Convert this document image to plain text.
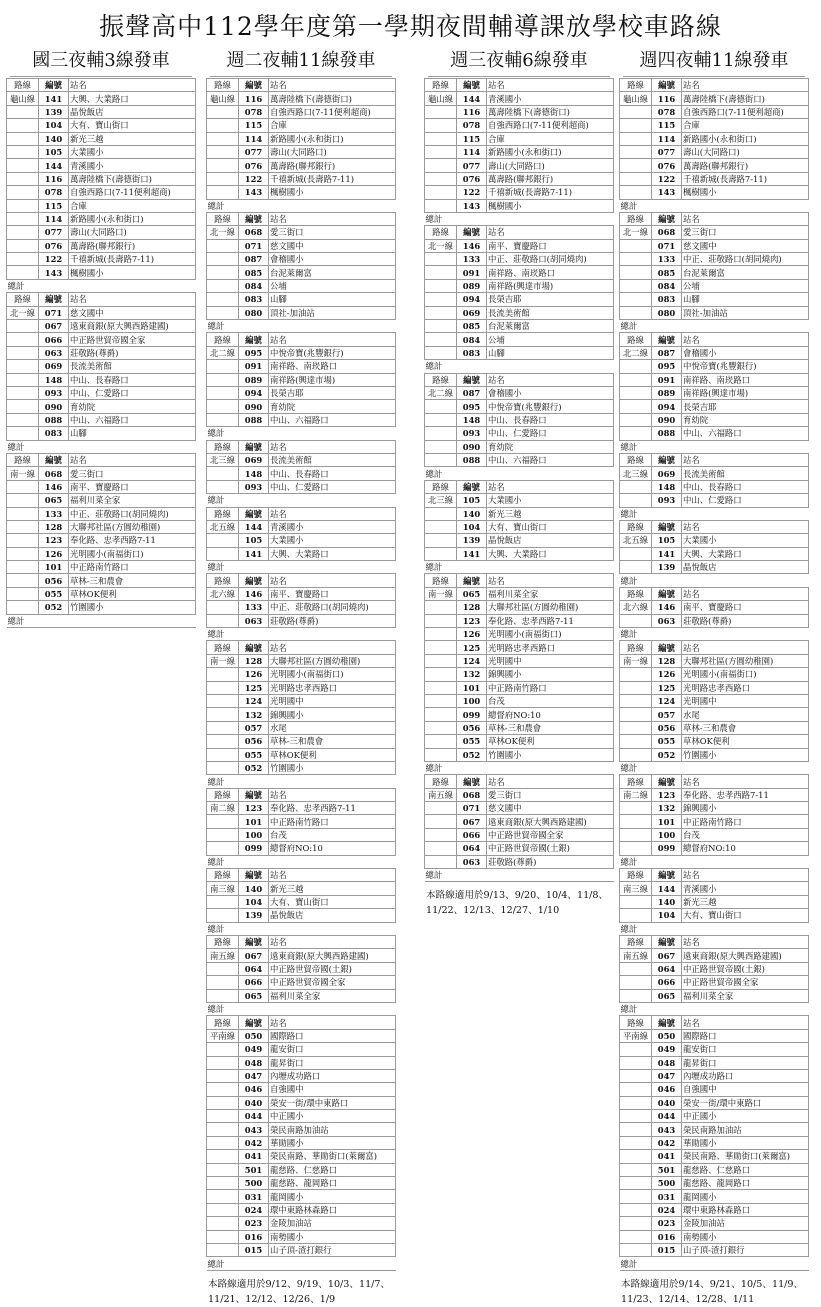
振聲高中112學年度第一學期夜間輔導課放學校車路線
國三夜輔3線發車
路線	編號	站名
龜山線	141	大興、大業路口
	139	晶悅飯店
	104	大有、寶山街口
	140	新光三越
	105	大業國小
	144	青溪國小
	116	萬壽陸橋下(壽德街口)
	078	自強西路口(7-11便利超商)
	115	合庫
	114	新路國小(永和街口)
	077	壽山(大同路口)
	076	萬壽路(聯邦銀行)
	122	千禧新城(長壽路7-11)
	143	楓樹國小
總計		
路線	編號	站名
北一線	071	慈文國中
	067	遠東商銀(原大興西路建國)
	066	中正路世貿帝國全家
	063	莊敬路(尊爵)
	069	長流美術館
	148	中山、長春路口
	093	中山、仁愛路口
	090	育幼院
	088	中山、六福路口
	083	山腳
總計		
路線	編號	站名
南一線	068	愛三街口
	146	南平、寶慶路口
	065	福利川菜全家
	133	中正、莊敬路口(胡同燒肉)
	128	大聯邦社區(方圓幼稚園)
	123	奉化路、忠孝西路7-11
	126	光明國小(南福街口)
	101	中正路南竹路口
	056	草林-三和農會
	055	草林OK便利
	052	竹圍國小
總計		
週二夜輔11線發車
路線	編號	站名
龜山線	116	萬壽陸橋下(壽德街口)
	078	自強西路口(7-11便利超商)
	115	合庫
	114	新路國小(永和街口)
	077	壽山(大同路口)
	076	萬壽路(聯邦銀行)
	122	千禧新城(長壽路7-11)
	143	楓樹國小
總計		
路線	編號	站名
北一線	068	愛三街口
	071	慈文國中
	087	會稽國小
	085	台泥萊爾富
	084	公埔
	083	山腳
	080	頂社-加油站
總計		
路線	編號	站名
北二線	095	中悅帝寶(兆豐銀行)
	091	南祥路、南崁路口
	089	南祥路(興達市場)
	094	長榮吉耶
	090	育幼院
	088	中山、六福路口
總計		
路線	編號	站名
北三線	069	長流美術館
	148	中山、長春路口
	093	中山、仁愛路口
總計		
路線	編號	站名
北五線	144	青溪國小
	105	大業國小
	141	大興、大業路口
總計		
路線	編號	站名
北六線	146	南平、寶慶路口
	133	中正、莊敬路口(胡同燒肉)
	063	莊敬路(尊爵)
總計		
路線	編號	站名
南一線	128	大聯邦社區(方圓幼稚園)
	126	光明國小(南福街口)
	125	光明路忠孝西路口
	124	光明國中
	132	錦興國小
	057	水尾
	056	草林-三和農會
	055	草林OK便利
	052	竹圍國小
總計		
路線	編號	站名
南二線	123	奉化路、忠孝西路7-11
	101	中正路南竹路口
	100	台茂
	099	總督府NO:10
總計		
路線	編號	站名
南三線	140	新光三越
	104	大有、寶山街口
	139	晶悅飯店
總計		
路線	編號	站名
南五線	067	遠東商銀(原大興西路建國)
	064	中正路世貿帝國(土銀)
	066	中正路世貿帝國全家
	065	福利川菜全家
總計		
路線	編號	站名
平南線	050	國際路口
	049	龍安街口
	048	龍昇街口
	047	內壢成功路口
	046	自強國中
	040	榮安一街/環中東路口
	044	中正國小
	043	榮民南路加油站
	042	華勛國小
	041	榮民南路、華勛街口(萊爾富)
	501	龍慈路、仁慈路口
	500	龍慈路、龍岡路口
	031	龍岡國小
	024	環中東路林森路口
	023	金陵加油站
	016	南勢國小
	015	山子頂-渣打銀行
總計		
本路線適用於9/12、9/19、10/3、11/7、11/21、12/12、12/26、1/9
週三夜輔6線發車
路線	編號	站名
龜山線	144	青溪國小
	116	萬壽陸橋下(壽德街口)
	078	自強西路口(7-11便利超商)
	115	合庫
	114	新路國小(永和街口)
	077	壽山(大同路口)
	076	萬壽路(聯邦銀行)
	122	千禧新城(長壽路7-11)
	143	楓樹國小
總計		
路線	編號	站名
北一線	146	南平、寶慶路口
	133	中正、莊敬路口(胡同燒肉)
	091	南祥路、南崁路口
	089	南祥路(興達市場)
	094	長榮吉耶
	069	長流美術館
	085	台泥萊爾富
	084	公埔
	083	山腳
總計		
路線	編號	站名
北二線	087	會稽國小
	095	中悅帝寶(兆豐銀行)
	148	中山、長春路口
	093	中山、仁愛路口
	090	育幼院
	088	中山、六福路口
總計		
路線	編號	站名
北三線	105	大業國小
	140	新光三越
	104	大有、寶山街口
	139	晶悅飯店
	141	大興、大業路口
總計		
路線	編號	站名
南一線	065	福利川菜全家
	128	大聯邦社區(方圓幼稚園)
	123	奉化路、忠孝西路7-11
	126	光明國小(南福街口)
	125	光明路忠孝西路口
	124	光明國中
	132	錦興國小
	101	中正路南竹路口
	100	台茂
	099	總督府NO:10
	056	草林-三和農會
	055	草林OK便利
	052	竹圍國小
總計		
路線	編號	站名
南五線	068	愛三街口
	071	慈文國中
	067	遠東商銀(原大興西路建國)
	066	中正路世貿帝國全家
	064	中正路世貿帝國(土銀)
	063	莊敬路(尊爵)
總計		
本路線適用於9/13、9/20、10/4、11/8、11/22、12/13、12/27、1/10
週四夜輔11線發車
路線	編號	站名
龜山線	116	萬壽陸橋下(壽德街口)
	078	自強西路口(7-11便利超商)
	115	合庫
	114	新路國小(永和街口)
	077	壽山(大同路口)
	076	萬壽路(聯邦銀行)
	122	千禧新城(長壽路7-11)
	143	楓樹國小
總計		
路線	編號	站名
北一線	068	愛三街口
	071	慈文國中
	133	中正、莊敬路口(胡同燒肉)
	085	台泥萊爾富
	084	公埔
	083	山腳
	080	頂社-加油站
總計		
路線	編號	站名
北二線	087	會稽國小
	095	中悅帝寶(兆豐銀行)
	091	南祥路、南崁路口
	089	南祥路(興達市場)
	094	長榮吉耶
	090	育幼院
	088	中山、六福路口
總計		
路線	編號	站名
北三線	069	長流美術館
	148	中山、長春路口
	093	中山、仁愛路口
總計		
路線	編號	站名
北五線	105	大業國小
	141	大興、大業路口
	139	晶悅飯店
總計		
路線	編號	站名
北六線	146	南平、寶慶路口
	063	莊敬路(尊爵)
總計		
路線	編號	站名
南一線	128	大聯邦社區(方圓幼稚園)
	126	光明國小(南福街口)
	125	光明路忠孝西路口
	124	光明國中
	057	水尾
	056	草林-三和農會
	055	草林OK便利
	052	竹圍國小
總計		
路線	編號	站名
南二線	123	奉化路、忠孝西路7-11
	132	錦興國小
	101	中正路南竹路口
	100	台茂
	099	總督府NO:10
總計		
路線	編號	站名
南三線	144	青溪國小
	140	新光三越
	104	大有、寶山街口
總計		
路線	編號	站名
南五線	067	遠東商銀(原大興西路建國)
	064	中正路世貿帝國(土銀)
	066	中正路世貿帝國全家
	065	福利川菜全家
總計		
路線	編號	站名
平南線	050	國際路口
	049	龍安街口
	048	龍昇街口
	047	內壢成功路口
	046	自強國中
	040	榮安一街/環中東路口
	044	中正國小
	043	榮民南路加油站
	042	華勛國小
	041	榮民南路、華勛街口(萊爾富)
	501	龍慈路、仁慈路口
	500	龍慈路、龍岡路口
	031	龍岡國小
	024	環中東路林森路口
	023	金陵加油站
	016	南勢國小
	015	山子頂-渣打銀行
總計		
本路線適用於9/14、9/21、10/5、11/9、11/23、12/14、12/28、1/11
